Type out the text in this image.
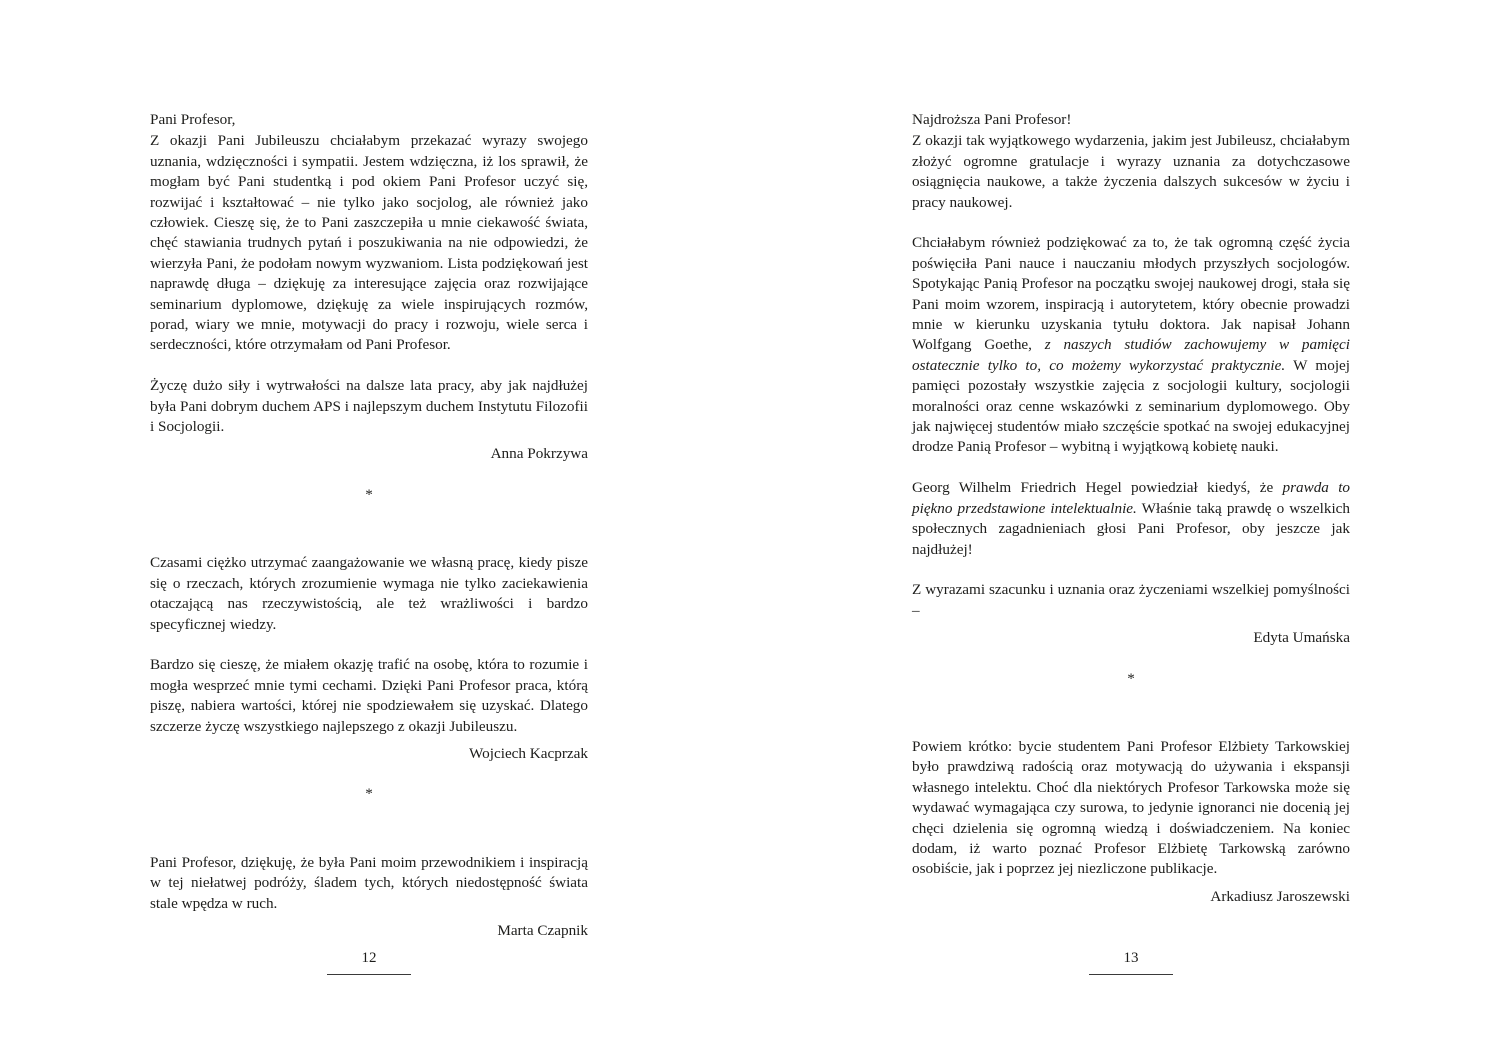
Pani Profesor,

Z okazji Pani Jubileuszu chciałabym przekazać wyrazy swojego uznania, wdzięczności i sympatii. Jestem wdzięczna, iż los sprawił, że mogłam być Pani studentką i pod okiem Pani Profesor uczyć się, rozwijać i kształtować – nie tylko jako socjolog, ale również jako człowiek. Cieszę się, że to Pani zaszczepiła u mnie ciekawość świata, chęć stawiania trudnych pytań i poszukiwania na nie odpowiedzi, że wierzyła Pani, że podołam nowym wyzwaniom. Lista podziękowań jest naprawdę długa – dziękuję za interesujące zajęcia oraz rozwijające seminarium dyplomowe, dziękuję za wiele inspirujących rozmów, porad, wiary we mnie, motywacji do pracy i rozwoju, wiele serca i serdeczności, które otrzymałam od Pani Profesor.

Życzę dużo siły i wytrwałości na dalsze lata pracy, aby jak najdłużej była Pani dobrym duchem APS i najlepszym duchem Instytutu Filozofii i Socjologii.

Anna Pokrzywa
*

Czasami ciężko utrzymać zaangażowanie we własną pracę, kiedy pisze się o rzeczach, których zrozumienie wymaga nie tylko zaciekawienia otaczającą nas rzeczywistością, ale też wrażliwości i bardzo specyficznej wiedzy.

Bardzo się cieszę, że miałem okazję trafić na osobę, która to rozumie i mogła wesprzeć mnie tymi cechami. Dzięki Pani Profesor praca, którą piszę, nabiera wartości, której nie spodziewałem się uzyskać. Dlatego szczerze życzę wszystkiego najlepszego z okazji Jubileuszu.

Wojciech Kacprzak
*

Pani Profesor, dziękuję, że była Pani moim przewodnikiem i inspiracją w tej niełatwej podróży, śladem tych, których niedostępność świata stale wpędza w ruch.

Marta Czapnik
12

Najdroższa Pani Profesor!

Z okazji tak wyjątkowego wydarzenia, jakim jest Jubileusz, chciałabym złożyć ogromne gratulacje i wyrazy uznania za dotychczasowe osiągnięcia naukowe, a także życzenia dalszych sukcesów w życiu i pracy naukowej.

Chciałabym również podziękować za to, że tak ogromną część życia poświęciła Pani nauce i nauczaniu młodych przyszłych socjologów. Spotykając Panią Profesor na początku swojej naukowej drogi, stała się Pani moim wzorem, inspiracją i autorytetem, który obecnie prowadzi mnie w kierunku uzyskania tytułu doktora. Jak napisał Johann Wolfgang Goethe, z naszych studiów zachowujemy w pamięci ostatecznie tylko to, co możemy wykorzystać praktycznie. W mojej pamięci pozostały wszystkie zajęcia z socjologii kultury, socjologii moralności oraz cenne wskazówki z seminarium dyplomowego. Oby jak najwięcej studentów miało szczęście spotkać na swojej edukacyjnej drodze Panią Profesor – wybitną i wyjątkową kobietę nauki.

Georg Wilhelm Friedrich Hegel powiedział kiedyś, że prawda to piękno przedstawione intelektualnie. Właśnie taką prawdę o wszelkich społecznych zagadnieniach głosi Pani Profesor, oby jeszcze jak najdłużej!

Z wyrazami szacunku i uznania oraz życzeniami wszelkiej pomyślności –

Edyta Umańska
*

Powiem krótko: bycie studentem Pani Profesor Elżbiety Tarkowskiej było prawdziwą radością oraz motywacją do używania i ekspansji własnego intelektu. Choć dla niektórych Profesor Tarkowska może się wydawać wymagająca czy surowa, to jedynie ignoranci nie docenią jej chęci dzielenia się ogromną wiedzą i doświadczeniem. Na koniec dodam, iż warto poznać Profesor Elżbietę Tarkowską zarówno osobiście, jak i poprzez jej niezliczone publikacje.

Arkadiusz Jaroszewski
13
